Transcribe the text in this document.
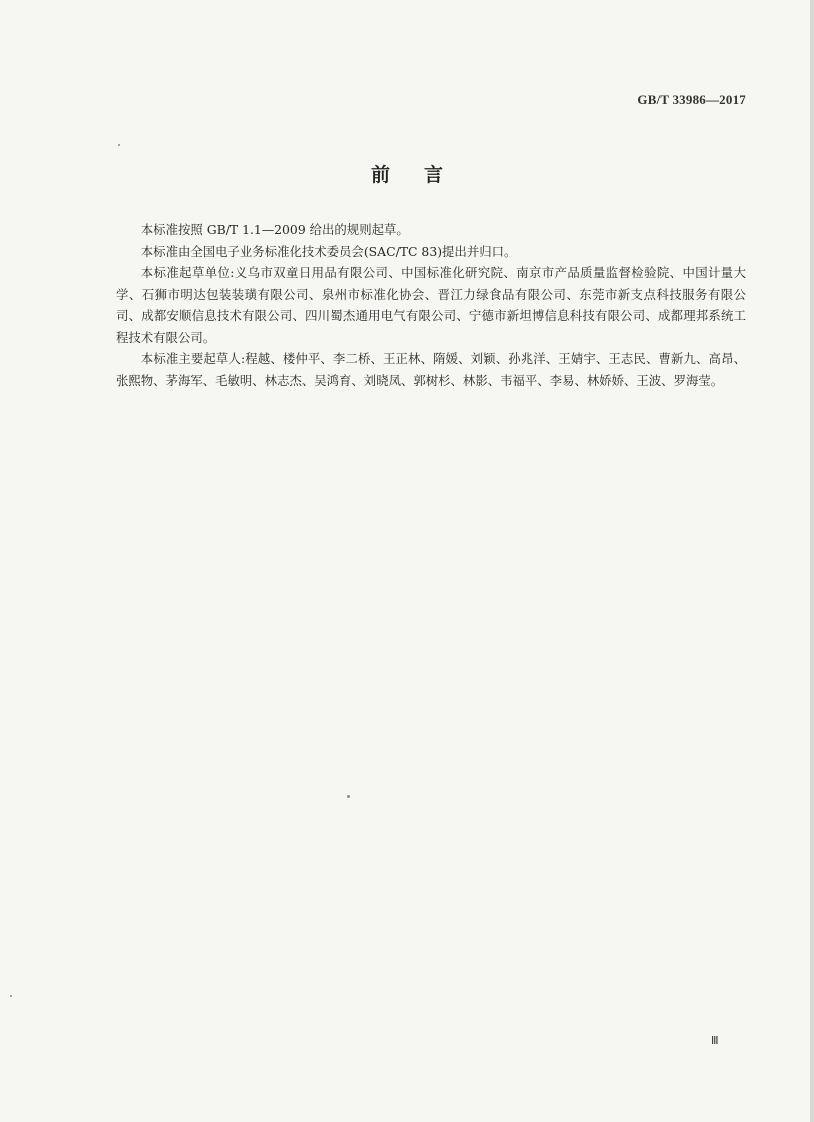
GB/T 33986—2017
前言

本标准按照 GB/T 1.1—2009 给出的规则起草。

本标准由全国电子业务标准化技术委员会(SAC/TC 83)提出并归口。

本标准起草单位:义乌市双童日用品有限公司、中国标准化研究院、南京市产品质量监督检验院、中国计量大学、石狮市明达包装装璜有限公司、泉州市标准化协会、晋江力绿食品有限公司、东莞市新支点科技服务有限公司、成都安顺信息技术有限公司、四川蜀杰通用电气有限公司、宁德市新坦博信息科技有限公司、成都理邦系统工程技术有限公司。

本标准主要起草人:程越、楼仲平、李二桥、王正林、隋媛、刘颖、孙兆洋、王婧宇、王志民、曹新九、高昂、张熙物、茅海军、毛敏明、林志杰、吴鸿育、刘晓凤、郭树杉、林影、韦福平、李易、林娇娇、王波、罗海莹。

Ⅲ
